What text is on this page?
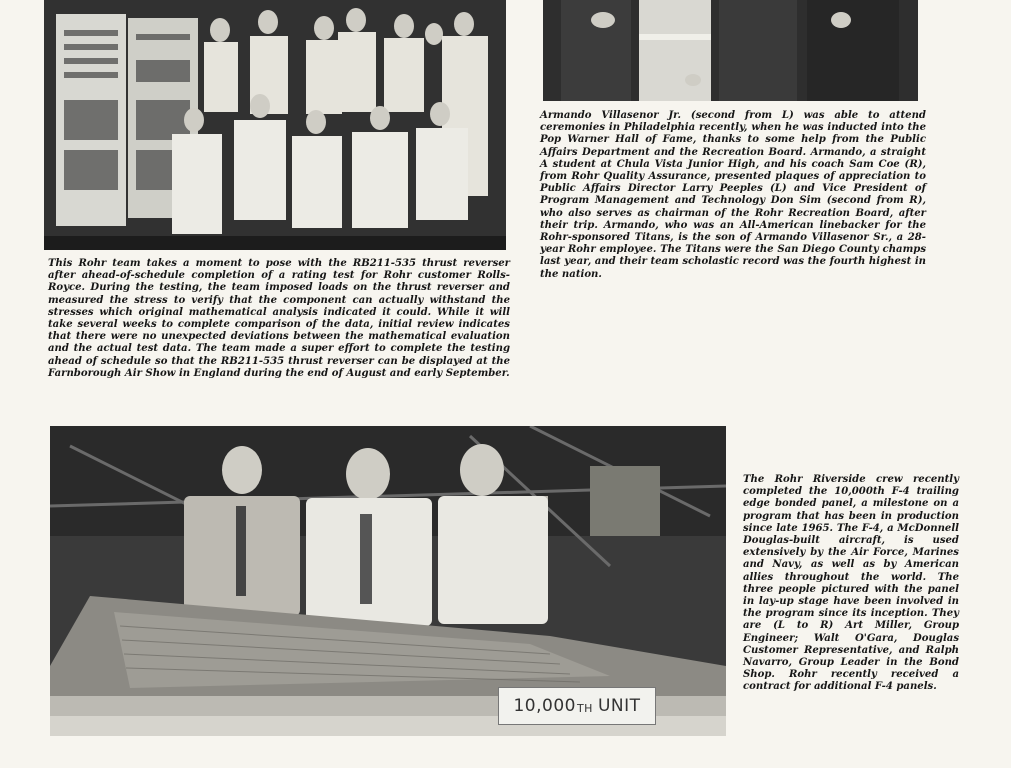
10,000 TH UNIT

This Rohr team takes a moment to pose with the RB211-535 thrust reverser after ahead-of-schedule completion of a rating test for Rohr customer Rolls-Royce. During the testing, the team imposed loads on the thrust reverser and measured the stress to verify that the component can actually withstand the stresses which original mathematical analysis indicated it could. While it will take several weeks to complete comparison of the data, initial review indicates that there were no unexpected deviations between the mathematical evaluation and the actual test data. The team made a super effort to complete the testing ahead of schedule so that the RB211-535 thrust reverser can be displayed at the Farnborough Air Show in England during the end of August and early September.

Armando Villasenor Jr. (second from L) was able to attend ceremonies in Philadelphia recently, when he was inducted into the Pop Warner Hall of Fame, thanks to some help from the Public Affairs Department and the Recreation Board. Armando, a straight A student at Chula Vista Junior High, and his coach Sam Coe (R), from Rohr Quality Assurance, presented plaques of appreciation to Public Affairs Director Larry Peeples (L) and Vice President of Program Management and Technology Don Sim (second from R), who also serves as chairman of the Rohr Recreation Board, after their trip. Armando, who was an All-American linebacker for the Rohr-sponsored Titans, is the son of Armando Villasenor Sr., a 28-year Rohr employee. The Titans were the San Diego County champs last year, and their team scholastic record was the fourth highest in the nation.

The Rohr Riverside crew recently completed the 10,000th F-4 trailing edge bonded panel, a milestone on a program that has been in production since late 1965. The F-4, a McDonnell Douglas-built aircraft, is used extensively by the Air Force, Marines and Navy, as well as by American allies throughout the world. The three people pictured with the panel in lay-up stage have been involved in the program since its inception. They are (L to R) Art Miller, Group Engineer; Walt O'Gara, Douglas Customer Representative, and Ralph Navarro, Group Leader in the Bond Shop. Rohr recently received a contract for additional F-4 panels.
